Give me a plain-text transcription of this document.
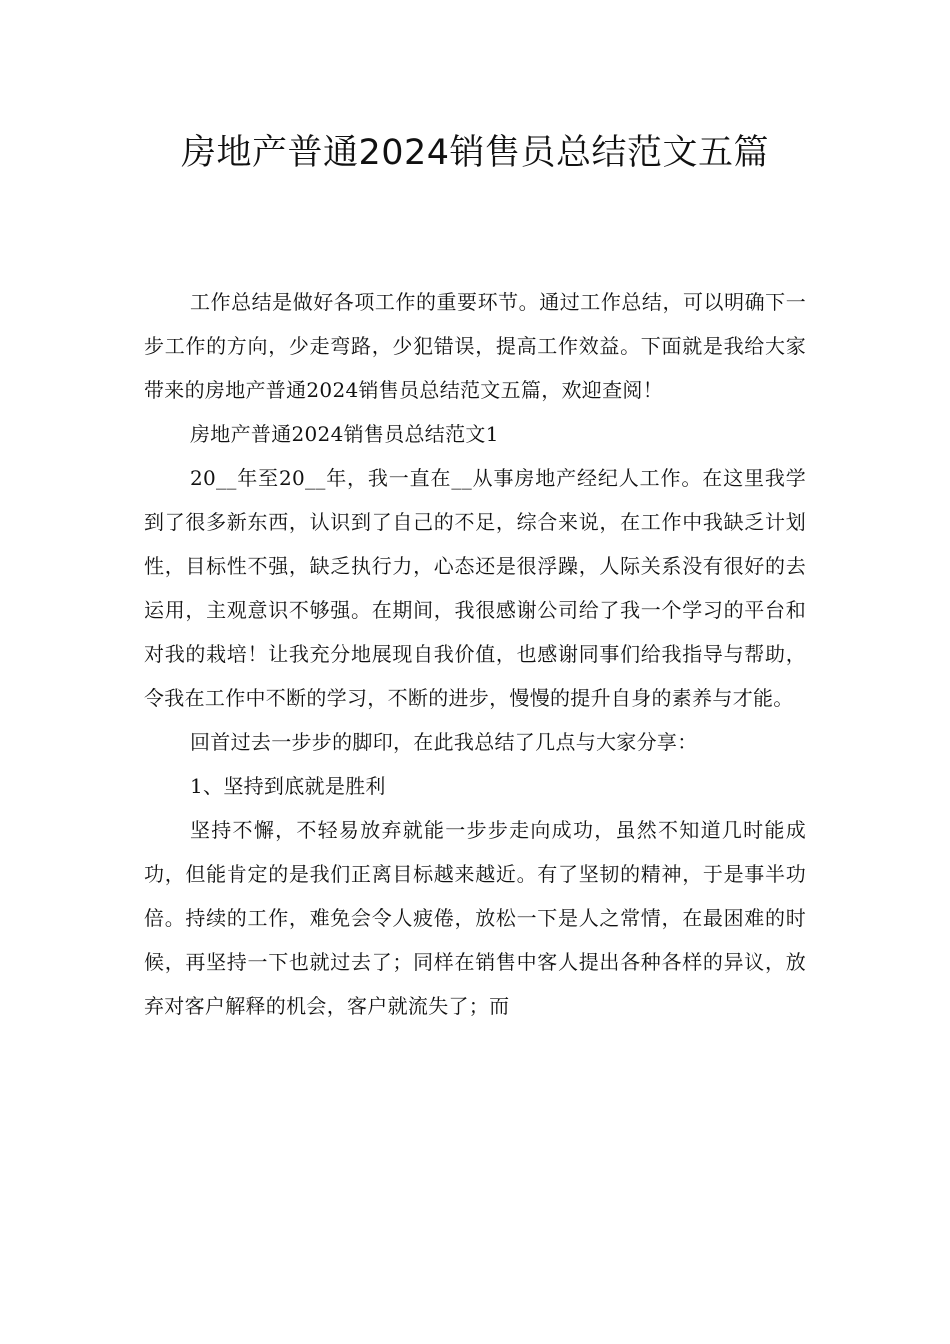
房地产普通2024销售员总结范文五篇

工作总结是做好各项工作的重要环节。通过工作总结，可以明确下一步工作的方向，少走弯路，少犯错误，提高工作效益。下面就是我给大家带来的房地产普通2024销售员总结范文五篇，欢迎查阅！

房地产普通2024销售员总结范文1

20__年至20__年，我一直在__从事房地产经纪人工作。在这里我学到了很多新东西，认识到了自己的不足，综合来说，在工作中我缺乏计划性，目标性不强，缺乏执行力，心态还是很浮躁，人际关系没有很好的去运用，主观意识不够强。在期间，我很感谢公司给了我一个学习的平台和对我的栽培！让我充分地展现自我价值，也感谢同事们给我指导与帮助，令我在工作中不断的学习，不断的进步，慢慢的提升自身的素养与才能。

回首过去一步步的脚印，在此我总结了几点与大家分享：

1、坚持到底就是胜利

坚持不懈，不轻易放弃就能一步步走向成功，虽然不知道几时能成功，但能肯定的是我们正离目标越来越近。有了坚韧的精神，于是事半功倍。持续的工作，难免会令人疲倦，放松一下是人之常情，在最困难的时候，再坚持一下也就过去了；同样在销售中客人提出各种各样的异议，放弃对客户解释的机会，客户就流失了；而
